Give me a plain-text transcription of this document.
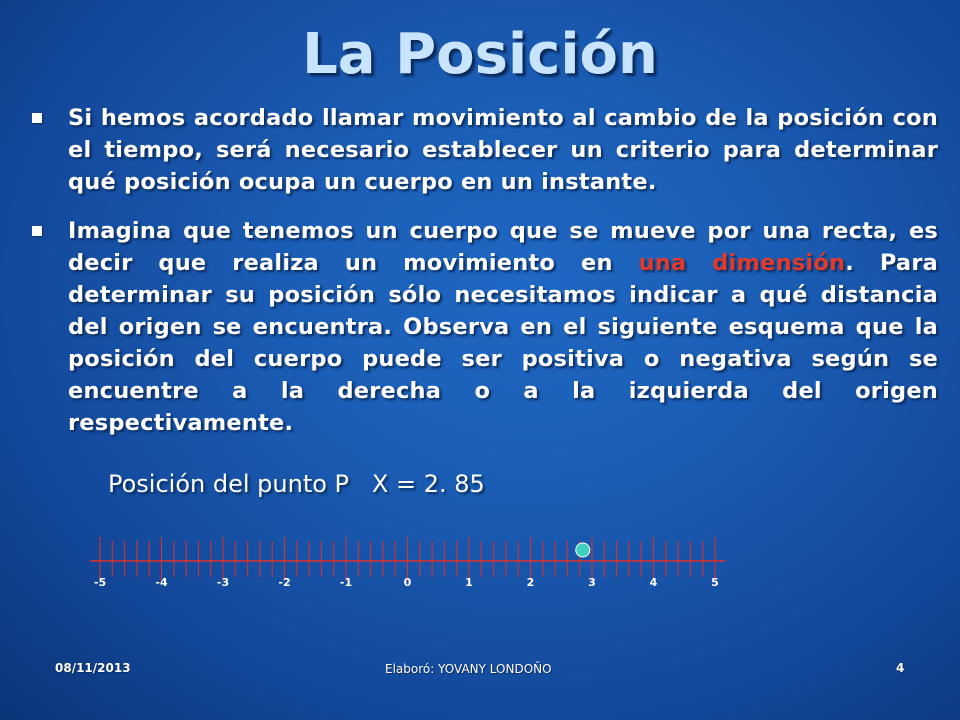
La Posición
Si hemos acordado llamar movimiento al cambio de la posición con el tiempo, será necesario establecer un criterio para determinar qué posición ocupa un cuerpo en un instante.
Imagina que tenemos un cuerpo que se mueve por una recta, es decir que realiza un movimiento en una dimensión. Para determinar su posición sólo necesitamos indicar a qué distancia del origen se encuentra. Observa en el siguiente esquema que la posición del cuerpo puede ser positiva o negativa según se encuentre a la derecha o a la izquierda del origen respectivamente.
Posición del punto P X = 2. 85
-5	-4	-3	-2	-1	0	1	2	3	4	5
08/11/2013	Elaboró: YOVANY LONDOÑO	4
